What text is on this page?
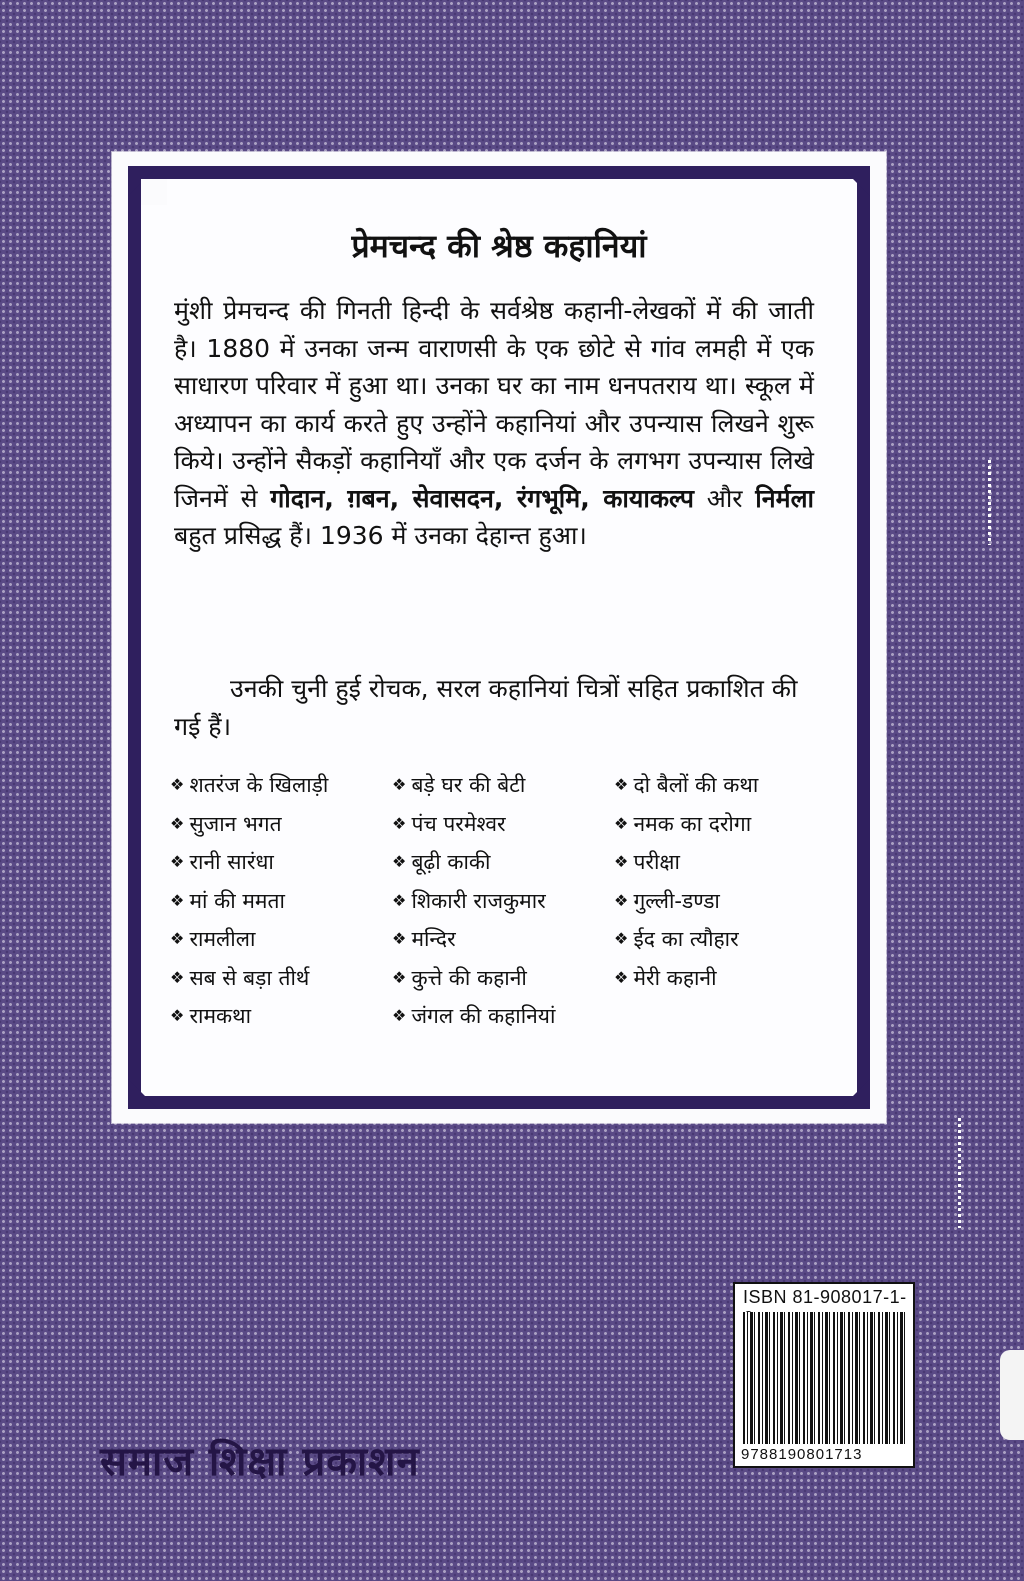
प्रेमचन्द की श्रेष्ठ कहानियां
मुंशी प्रेमचन्द की गिनती हिन्दी के सर्वश्रेष्ठ कहानी-लेखकों में की जाती है। 1880 में उनका जन्म वाराणसी के एक छोटे से गांव लमही में एक साधारण परिवार में हुआ था। उनका घर का नाम धनपतराय था। स्कूल में अध्यापन का कार्य करते हुए उन्होंने कहानियां और उपन्यास लिखने शुरू किये। उन्होंने सैकड़ों कहानियाँ और एक दर्जन के लगभग उपन्यास लिखे जिनमें से गोदान, ग़बन, सेवासदन, रंगभूमि, कायाकल्प और निर्मला बहुत प्रसिद्ध हैं। 1936 में उनका देहान्त हुआ।
उनकी चुनी हुई रोचक, सरल कहानियां चित्रों सहित प्रकाशित की गई हैं।
❖ शतरंज के खिलाड़ी	❖ बड़े घर की बेटी	❖ दो बैलों की कथा
❖ सुजान भगत	❖ पंच परमेश्वर	❖ नमक का दरोगा
❖ रानी सारंधा	❖ बूढ़ी काकी	❖ परीक्षा
❖ मां की ममता	❖ शिकारी राजकुमार	❖ गुल्ली-डण्डा
❖ रामलीला	❖ मन्दिर	❖ ईद का त्यौहार
❖ सब से बड़ा तीर्थ	❖ कुत्ते की कहानी	❖ मेरी कहानी
❖ रामकथा	❖ जंगल की कहानियां
ISBN 81-908017-1-
9788190801713
समाज शिक्षा प्रकाशन
